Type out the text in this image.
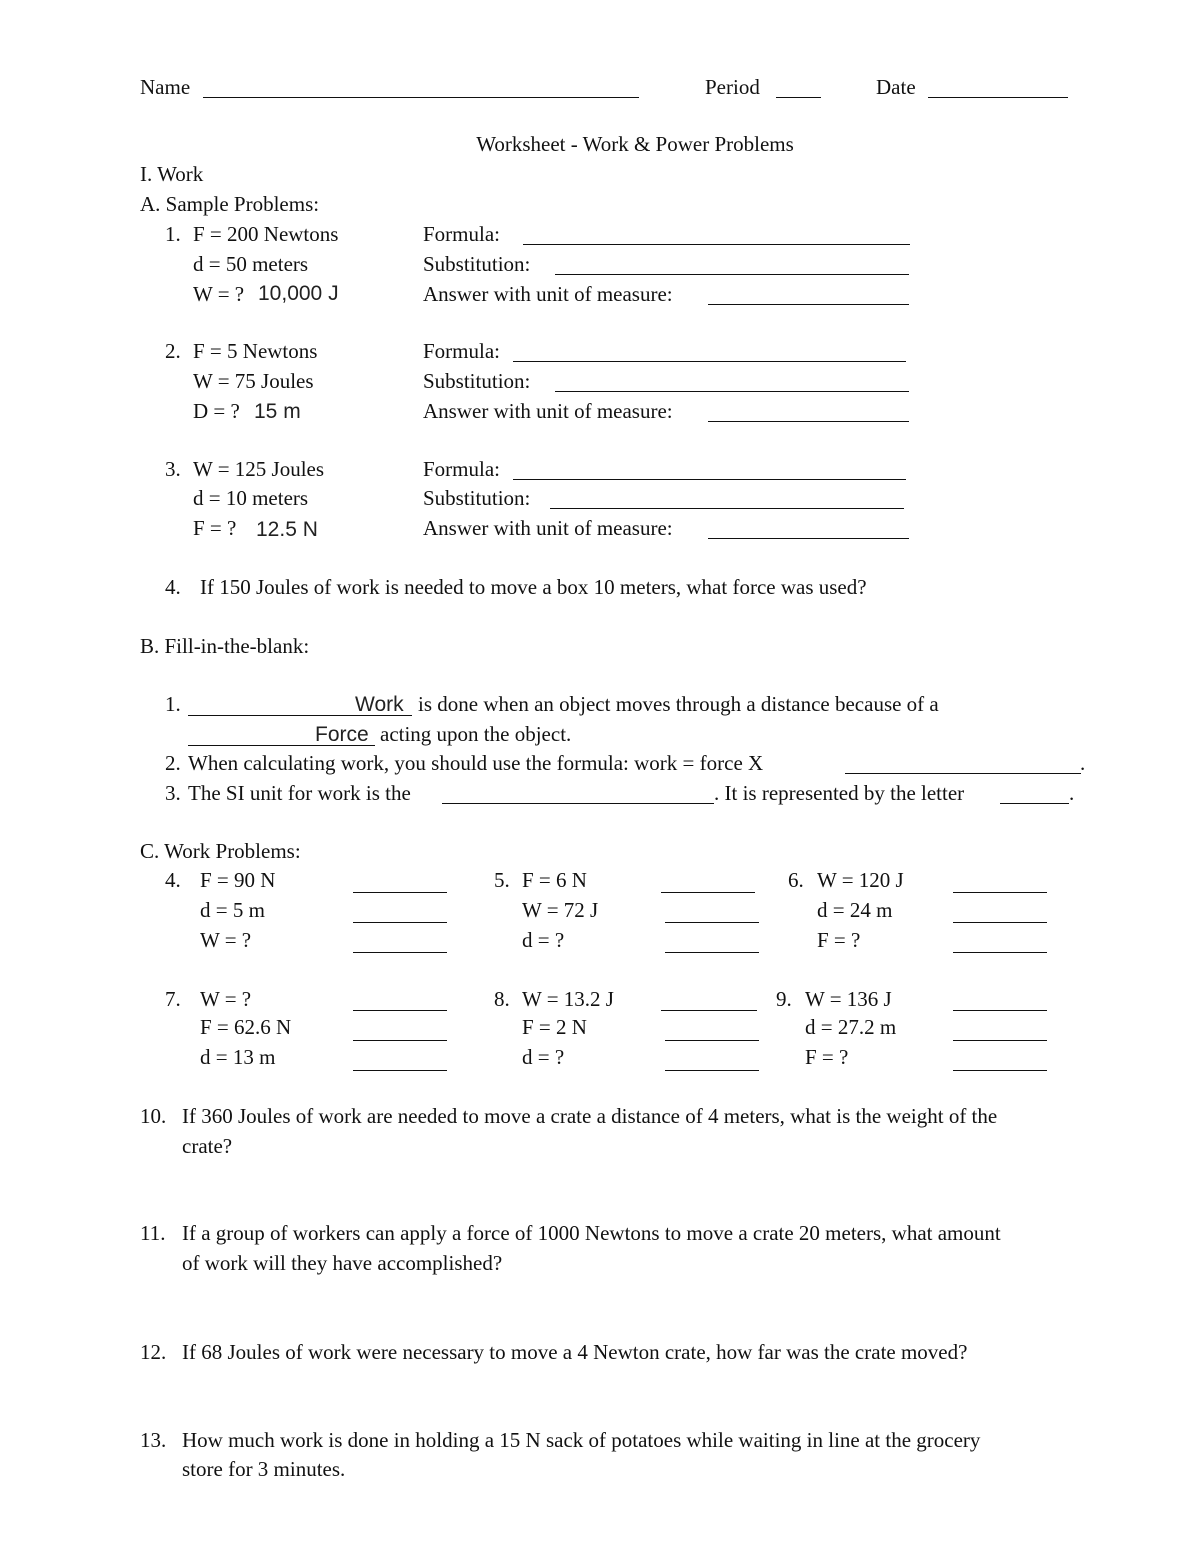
Name	Period	Date
Worksheet - Work & Power Problems
I. Work
A. Sample Problems:
1. F = 200 Newtons
d = 50 meters
W = ? 10,000 J
Formula:
Substitution:
Answer with unit of measure:
2. F = 5 Newtons
W = 75 Joules
D = ? 15 m
Formula:
Substitution:
Answer with unit of measure:
3. W = 125 Joules
d = 10 meters
F = ? 12.5 N
Formula:
Substitution:
Answer with unit of measure:
4. If 150 Joules of work is needed to move a box 10 meters, what force was used?
B. Fill-in-the-blank:
1.	Work is done when an object moves through a distance because of a
Force acting upon the object.
2. When calculating work, you should use the formula: work = force X	.
3. The SI unit for work is the	. It is represented by the letter	.
C. Work Problems:
4. F = 90 N
d = 5 m
W = ?
5. F = 6 N
W = 72 J
d = ?
6. W = 120 J
d = 24 m
F = ?
7. W = ?
F = 62.6 N
d = 13 m
8. W = 13.2 J
F = 2 N
d = ?
9. W = 136 J
d = 27.2 m
F = ?
10. If 360 Joules of work are needed to move a crate a distance of 4 meters, what is the weight of the
crate?
11. If a group of workers can apply a force of 1000 Newtons to move a crate 20 meters, what amount
of work will they have accomplished?
12. If 68 Joules of work were necessary to move a 4 Newton crate, how far was the crate moved?
13. How much work is done in holding a 15 N sack of potatoes while waiting in line at the grocery
store for 3 minutes.
